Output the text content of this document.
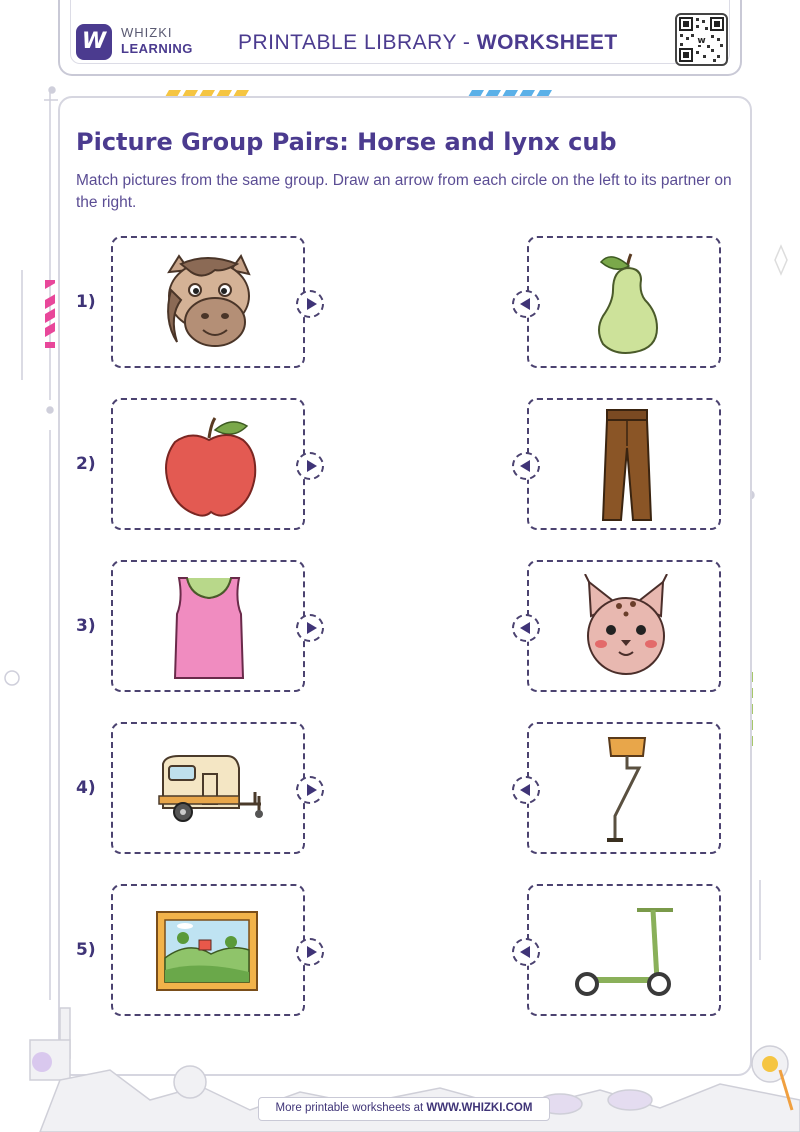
W	WHIZKI
LEARNING PRINTABLE LIBRARY - WORKSHEET	w
Picture Group Pairs: Horse and lynx cub
Match pictures from the same group. Draw an arrow from each circle on the left to its partner on the right.
1)
2)
3)
4)
5)
More printable worksheets at WWW.WHIZKI.COM
